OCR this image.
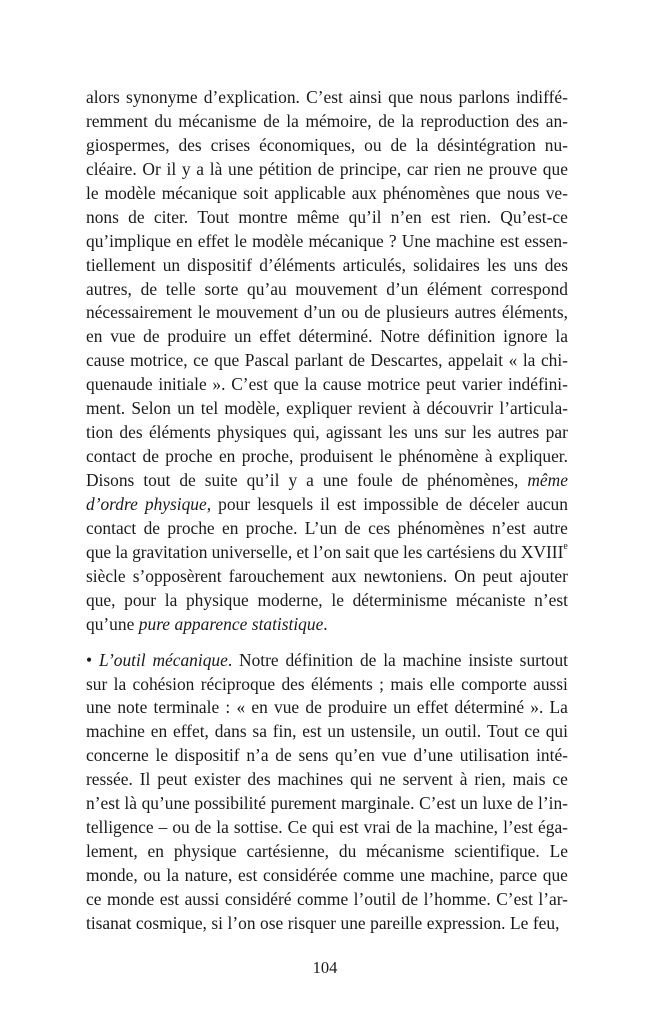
alors synonyme d’explication. C’est ainsi que nous parlons indiffé-
remment du mécanisme de la mémoire, de la reproduction des an-
giospermes, des crises économiques, ou de la désintégration nu-
cléaire. Or il y a là une pétition de principe, car rien ne prouve que
le modèle mécanique soit applicable aux phénomènes que nous ve-
nons de citer. Tout montre même qu’il n’en est rien. Qu’est-ce
qu’implique en effet le modèle mécanique ? Une machine est essen-
tiellement un dispositif d’éléments articulés, solidaires les uns des
autres, de telle sorte qu’au mouvement d’un élément correspond
nécessairement le mouvement d’un ou de plusieurs autres éléments,
en vue de produire un effet déterminé. Notre définition ignore la
cause motrice, ce que Pascal parlant de Descartes, appelait « la chi-
quenaude initiale ». C’est que la cause motrice peut varier indéfini-
ment. Selon un tel modèle, expliquer revient à découvrir l’articula-
tion des éléments physiques qui, agissant les uns sur les autres par
contact de proche en proche, produisent le phénomène à expliquer.
Disons tout de suite qu’il y a une foule de phénomènes, même
d’ordre physique, pour lesquels il est impossible de déceler aucun
contact de proche en proche. L’un de ces phénomènes n’est autre
que la gravitation universelle, et l’on sait que les cartésiens du XVIIIe
siècle s’opposèrent farouchement aux newtoniens. On peut ajouter
que, pour la physique moderne, le déterminisme mécaniste n’est
qu’une pure apparence statistique.
• L’outil mécanique. Notre définition de la machine insiste surtout
sur la cohésion réciproque des éléments ; mais elle comporte aussi
une note terminale : « en vue de produire un effet déterminé ». La
machine en effet, dans sa fin, est un ustensile, un outil. Tout ce qui
concerne le dispositif n’a de sens qu’en vue d’une utilisation inté-
ressée. Il peut exister des machines qui ne servent à rien, mais ce
n’est là qu’une possibilité purement marginale. C’est un luxe de l’in-
telligence – ou de la sottise. Ce qui est vrai de la machine, l’est éga-
lement, en physique cartésienne, du mécanisme scientifique. Le
monde, ou la nature, est considérée comme une machine, parce que
ce monde est aussi considéré comme l’outil de l’homme. C’est l’ar-
tisanat cosmique, si l’on ose risquer une pareille expression. Le feu,
104
